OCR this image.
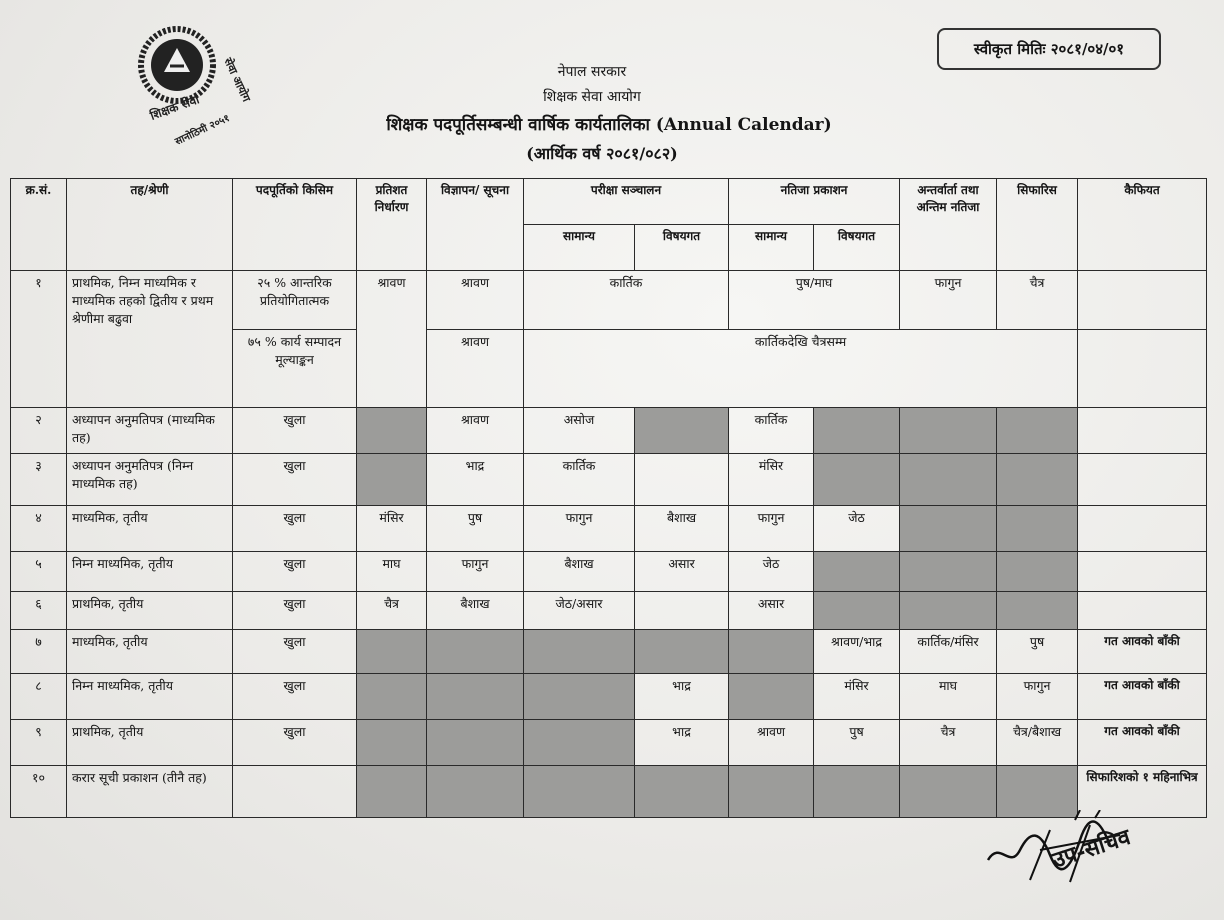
सेवा आयोग
शिक्षक सेवा
सानोठिमी २०५१
स्वीकृत मितिः २०८१/०४/०१
नेपाल सरकार
शिक्षक सेवा आयोग
शिक्षक पदपूर्तिसम्बन्धी वार्षिक कार्यतालिका (Annual Calendar)
(आर्थिक वर्ष २०८१/०८२)
क्र.सं.	तह/श्रेणी	पदपूर्तिको किसिम	प्रतिशत निर्धारण	विज्ञापन/ सूचना	परीक्षा सञ्चालन		नतिजा प्रकाशन		अन्तर्वार्ता तथा अन्तिम नतिजा	सिफारिस	कैफियत
					सामान्य	विषयगत	सामान्य	विषयगत			
१	प्राथमिक, निम्न माध्यमिक र माध्यमिक तहको द्वितीय र प्रथम श्रेणीमा बढुवा	२५ % आन्तरिक प्रतियोगितात्मक	श्रावण	श्रावण	कार्तिक		पुष/माघ		फागुन	चैत्र	
		७५ % कार्य सम्पादन मूल्याङ्कन		श्रावण	कार्तिकदेखि चैत्रसम्म						
२	अध्यापन अनुमतिपत्र (माध्यमिक तह)	खुला		श्रावण	असोज		कार्तिक				
३	अध्यापन अनुमतिपत्र (निम्न माध्यमिक तह)	खुला		भाद्र	कार्तिक		मंसिर				
४	माध्यमिक, तृतीय	खुला	मंसिर	पुष	फागुन	बैशाख	फागुन	जेठ			
५	निम्न माध्यमिक, तृतीय	खुला	माघ	फागुन	बैशाख	असार	जेठ				
६	प्राथमिक, तृतीय	खुला	चैत्र	बैशाख	जेठ/असार		असार				
७	माध्यमिक, तृतीय	खुला						श्रावण/भाद्र	कार्तिक/मंसिर	पुष	गत आवको बाँकी
८	निम्न माध्यमिक, तृतीय	खुला				भाद्र		मंसिर	माघ	फागुन	गत आवको बाँकी
९	प्राथमिक, तृतीय	खुला				भाद्र	श्रावण	पुष	चैत्र	चैत्र/बैशाख	गत आवको बाँकी
१०	करार सूची प्रकाशन (तीनै तह)										सिफारिशको १ महिनाभित्र
उप-सचिव
